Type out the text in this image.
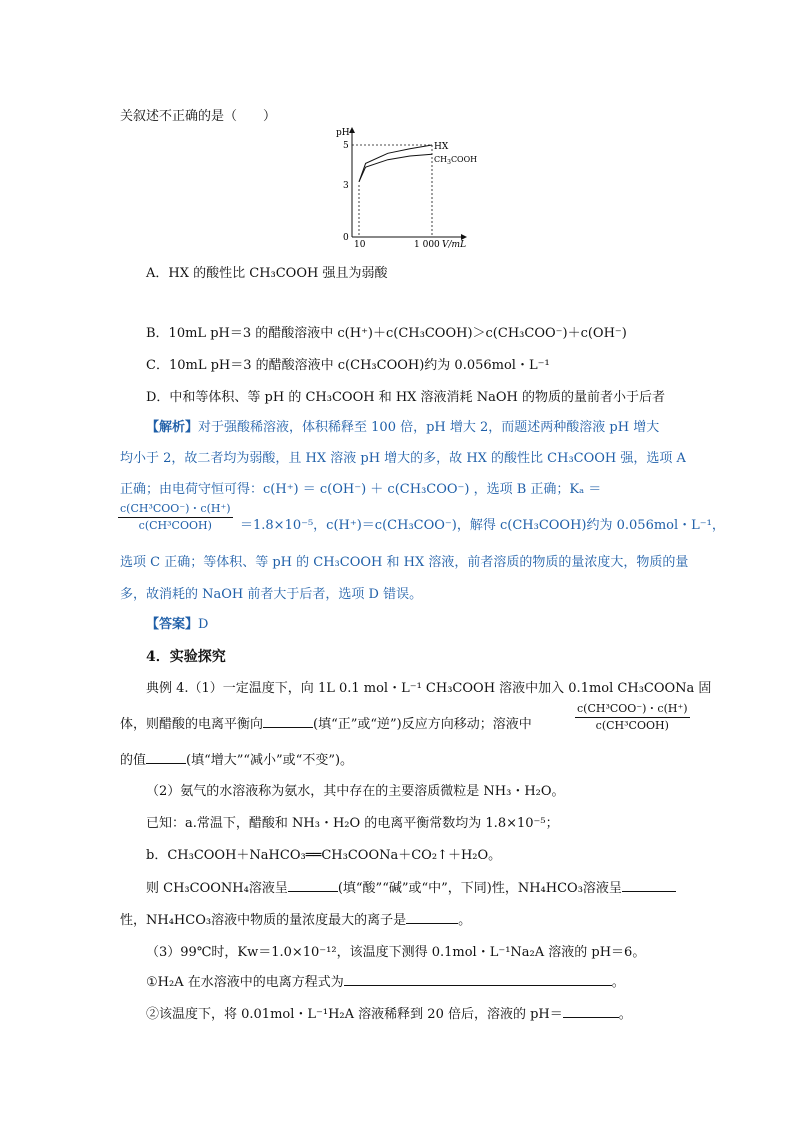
关叙述不正确的是（　　）
pH
5
3
0
10	1 000 V/mL
HX
$CH_3COOH$
A．HX 的酸性比 CH₃COOH 强且为弱酸
B．10mL pH＝3 的醋酸溶液中 c(H⁺)＋c(CH₃COOH)＞c(CH₃COO⁻)＋c(OH⁻)
C．10mL pH＝3 的醋酸溶液中 c(CH₃COOH)约为 0.056mol・L⁻¹
D．中和等体积、等 pH 的 CH₃COOH 和 HX 溶液消耗 NaOH 的物质的量前者小于后者
【解析】对于强酸稀溶液，体积稀释至 100 倍，pH 增大 2，而题述两种酸溶液 pH 增大
均小于 2，故二者均为弱酸，且 HX 溶液 pH 增大的多，故 HX 的酸性比 CH₃COOH 强，选项 A
正确；由电荷守恒可得：c(H⁺) ＝ c(OH⁻) ＋ c(CH₃COO⁻) ，选项 B 正确；Kₐ ＝
c(CH³COO⁻)・c(H⁺)
c(CH³COOH)	＝1.8×10⁻⁵，c(H⁺)＝c(CH₃COO⁻)，解得 c(CH₃COOH)约为 0.056mol・L⁻¹，
选项 C 正确；等体积、等 pH 的 CH₃COOH 和 HX 溶液，前者溶质的物质的量浓度大，物质的量
多，故消耗的 NaOH 前者大于后者，选项 D 错误。
【答案】D
4．实验探究
典例 4.（1）一定温度下，向 1L 0.1 mol・L⁻¹ CH₃COOH 溶液中加入 0.1mol CH₃COONa 固
体，则醋酸的电离平衡向	(填“正”或“逆”)反应方向移动；溶液中
c(CH³COO⁻)・c(H⁺)
c(CH³COOH)
的值	(填“增大”“减小”或“不变”)。
（2）氨气的水溶液称为氨水，其中存在的主要溶质微粒是 NH₃・H₂O。
已知：a.常温下，醋酸和 NH₃・H₂O 的电离平衡常数均为 1.8×10⁻⁵；
b．CH₃COOH＋NaHCO₃══CH₃COONa＋CO₂↑＋H₂O。
则 CH₃COONH₄溶液呈	(填“酸”“碱”或“中”，下同)性，NH₄HCO₃溶液呈
性，NH₄HCO₃溶液中物质的量浓度最大的离子是	。
（3）99℃时，Kw＝1.0×10⁻¹²，该温度下测得 0.1mol・L⁻¹Na₂A 溶液的 pH＝6。
①H₂A 在水溶液中的电离方程式为	。
②该温度下，将 0.01mol・L⁻¹H₂A 溶液稀释到 20 倍后，溶液的 pH＝	。
